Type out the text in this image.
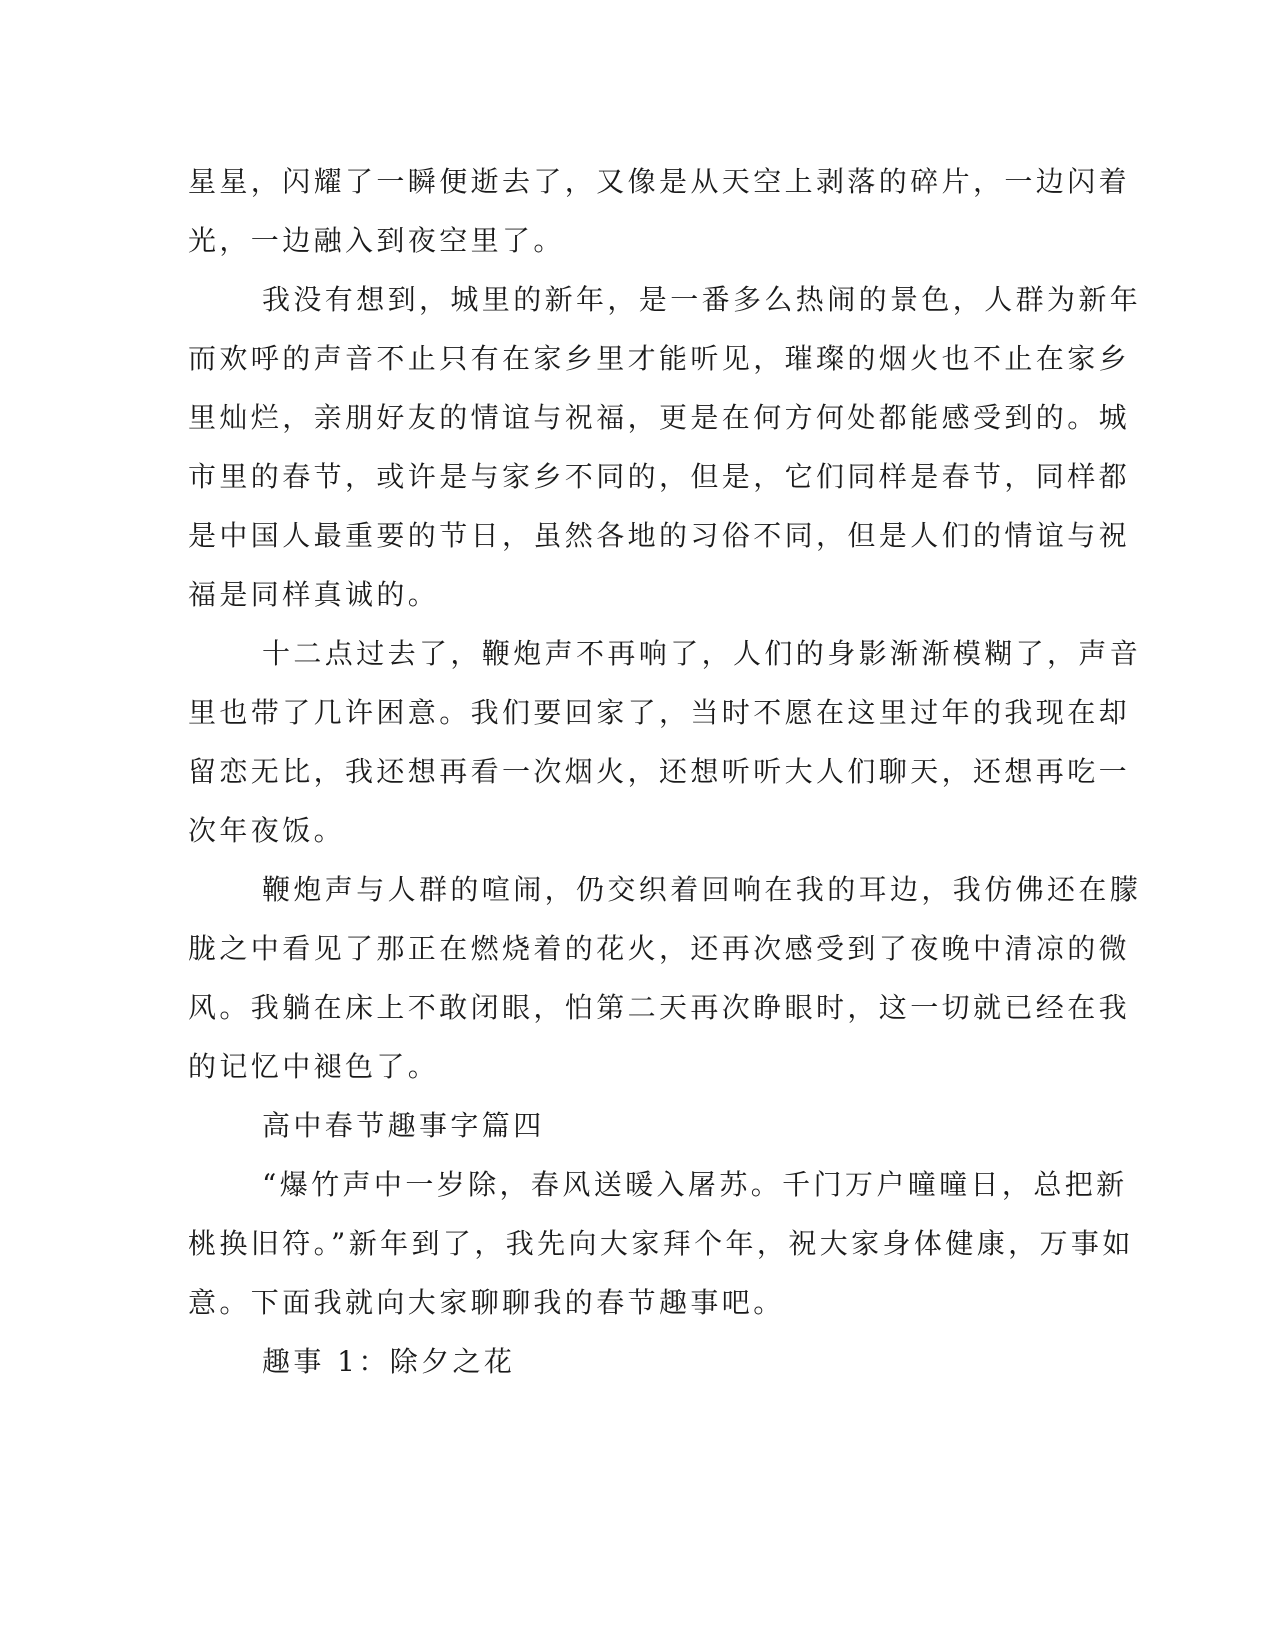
星星，闪耀了一瞬便逝去了，又像是从天空上剥落的碎片，一边闪着

光，一边融入到夜空里了。

我没有想到，城里的新年，是一番多么热闹的景色，人群为新年

而欢呼的声音不止只有在家乡里才能听见，璀璨的烟火也不止在家乡

里灿烂，亲朋好友的情谊与祝福，更是在何方何处都能感受到的。城

市里的春节，或许是与家乡不同的，但是，它们同样是春节，同样都

是中国人最重要的节日，虽然各地的习俗不同，但是人们的情谊与祝

福是同样真诚的。

十二点过去了，鞭炮声不再响了，人们的身影渐渐模糊了，声音

里也带了几许困意。我们要回家了，当时不愿在这里过年的我现在却

留恋无比，我还想再看一次烟火，还想听听大人们聊天，还想再吃一

次年夜饭。

鞭炮声与人群的喧闹，仍交织着回响在我的耳边，我仿佛还在朦

胧之中看见了那正在燃烧着的花火，还再次感受到了夜晚中清凉的微

风。我躺在床上不敢闭眼，怕第二天再次睁眼时，这一切就已经在我

的记忆中褪色了。

高中春节趣事字篇四

“爆竹声中一岁除，春风送暖入屠苏。千门万户曈曈日，总把新

桃换旧符。”新年到了，我先向大家拜个年，祝大家身体健康，万事如

意。下面我就向大家聊聊我的春节趣事吧。

趣事 1：除夕之花
